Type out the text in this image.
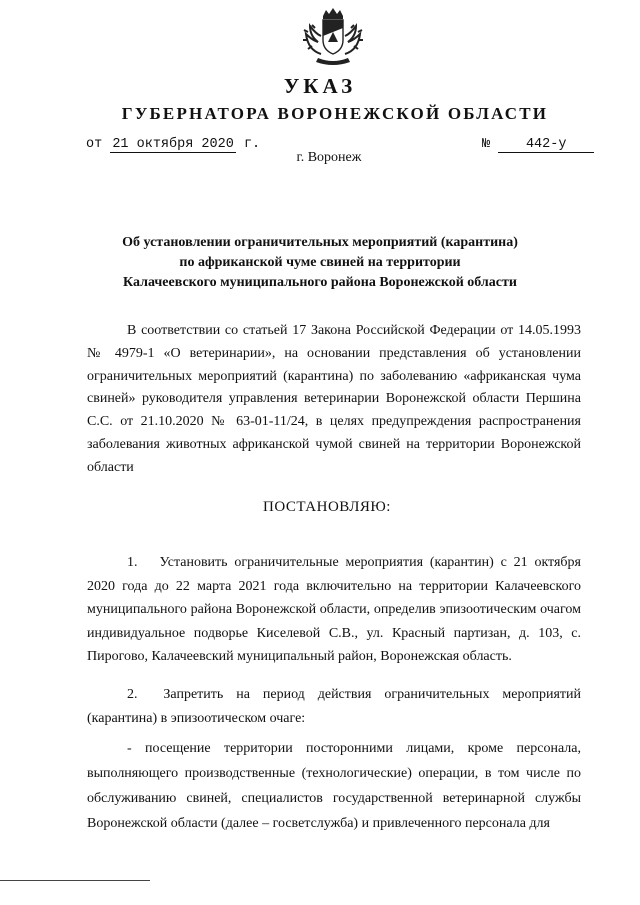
УКАЗ
ГУБЕРНАТОРА ВОРОНЕЖСКОЙ ОБЛАСТИ
от 21 октября 2020 г.	№	442-у
г. Воронеж
Об установлении ограничительных мероприятий (карантина)
по африканской чуме свиней на территории
Калачеевского муниципального района Воронежской области
В соответствии со статьей 17 Закона Российской Федерации от 14.05.1993 № 4979-1 «О ветеринарии», на основании представления об установлении ограничительных мероприятий (карантина) по заболеванию «африканская чума свиней» руководителя управления ветеринарии Воронежской области Першина С.С. от 21.10.2020 № 63-01-11/24, в целях предупреждения распространения заболевания животных африканской чумой свиней на территории Воронежской области
ПОСТАНОВЛЯЮ:
1. Установить ограничительные мероприятия (карантин) с 21 октября 2020 года до 22 марта 2021 года включительно на территории Калачеевского муниципального района Воронежской области, определив эпизоотическим очагом индивидуальное подворье Киселевой С.В., ул. Красный партизан, д. 103, с. Пирогово, Калачеевский муниципальный район, Воронежская область.
2. Запретить на период действия ограничительных мероприятий (карантина) в эпизоотическом очаге:
- посещение территории посторонними лицами, кроме персонала, выполняющего производственные (технологические) операции, в том числе по обслуживанию свиней, специалистов государственной ветеринарной службы Воронежской области (далее – госветслужба) и привлеченного персонала для
